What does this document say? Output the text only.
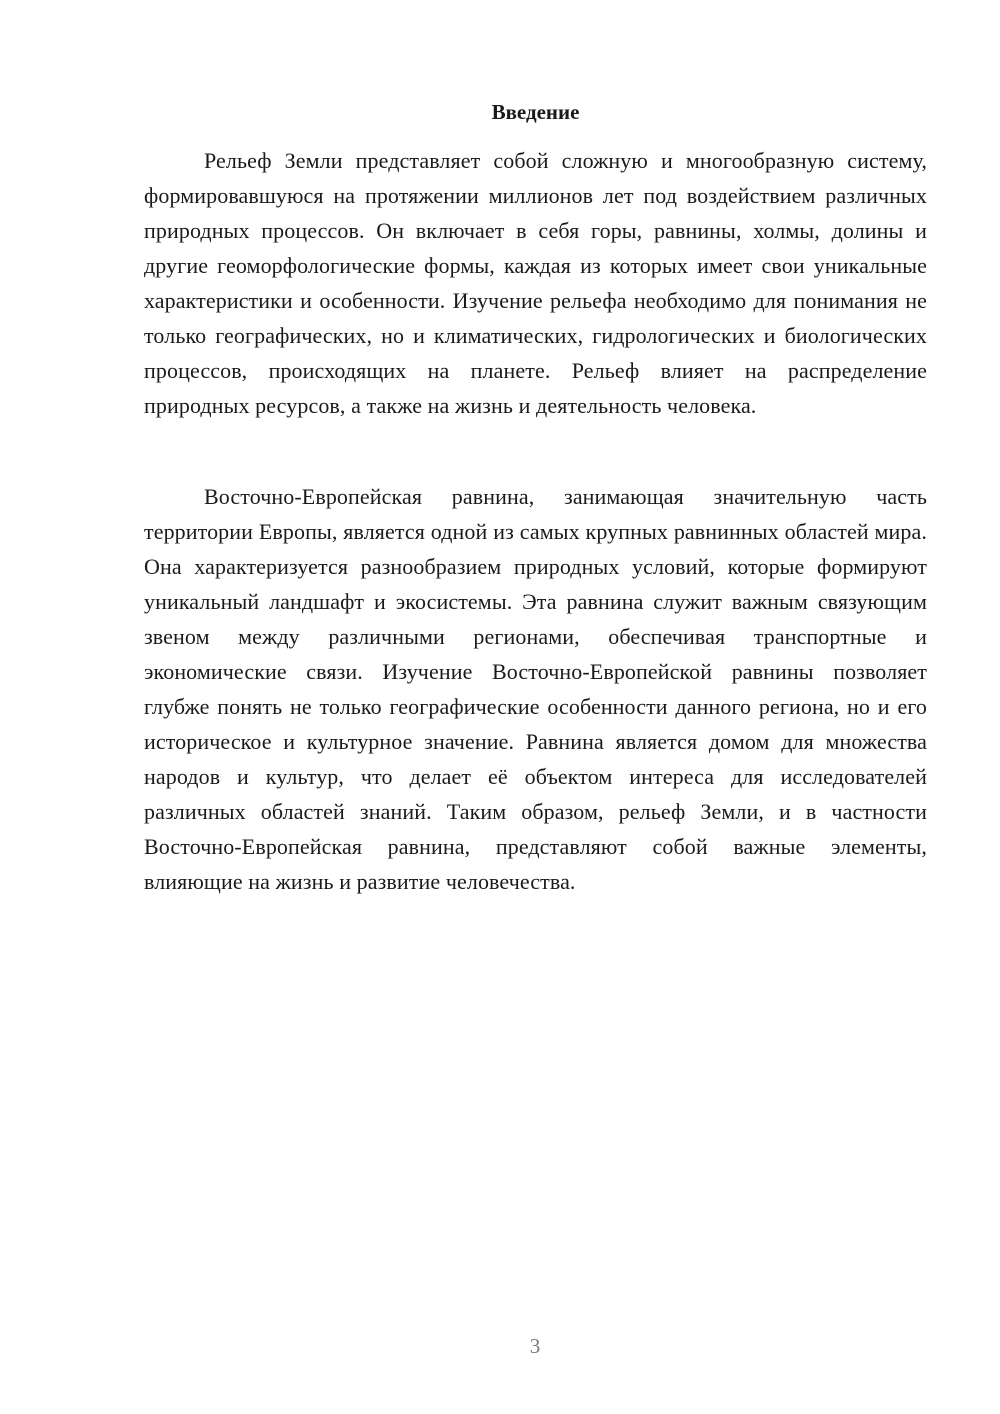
Введение

Рельеф Земли представляет собой сложную и многообразную систему, формировавшуюся на протяжении миллионов лет под воздействием различных природных процессов. Он включает в себя горы, равнины, холмы, долины и другие геоморфологические формы, каждая из которых имеет свои уникальные характеристики и особенности. Изучение рельефа необходимо для понимания не только географических, но и климатических, гидрологических и биологических процессов, происходящих на планете. Рельеф влияет на распределение природных ресурсов, а также на жизнь и деятельность человека.

Восточно-Европейская равнина, занимающая значительную часть территории Европы, является одной из самых крупных равнинных областей мира. Она характеризуется разнообразием природных условий, которые формируют уникальный ландшафт и экосистемы. Эта равнина служит важным связующим звеном между различными регионами, обеспечивая транспортные и экономические связи. Изучение Восточно-Европейской равнины позволяет глубже понять не только географические особенности данного региона, но и его историческое и культурное значение. Равнина является домом для множества народов и культур, что делает её объектом интереса для исследователей различных областей знаний. Таким образом, рельеф Земли, и в частности Восточно-Европейская равнина, представляют собой важные элементы, влияющие на жизнь и развитие человечества.

3
